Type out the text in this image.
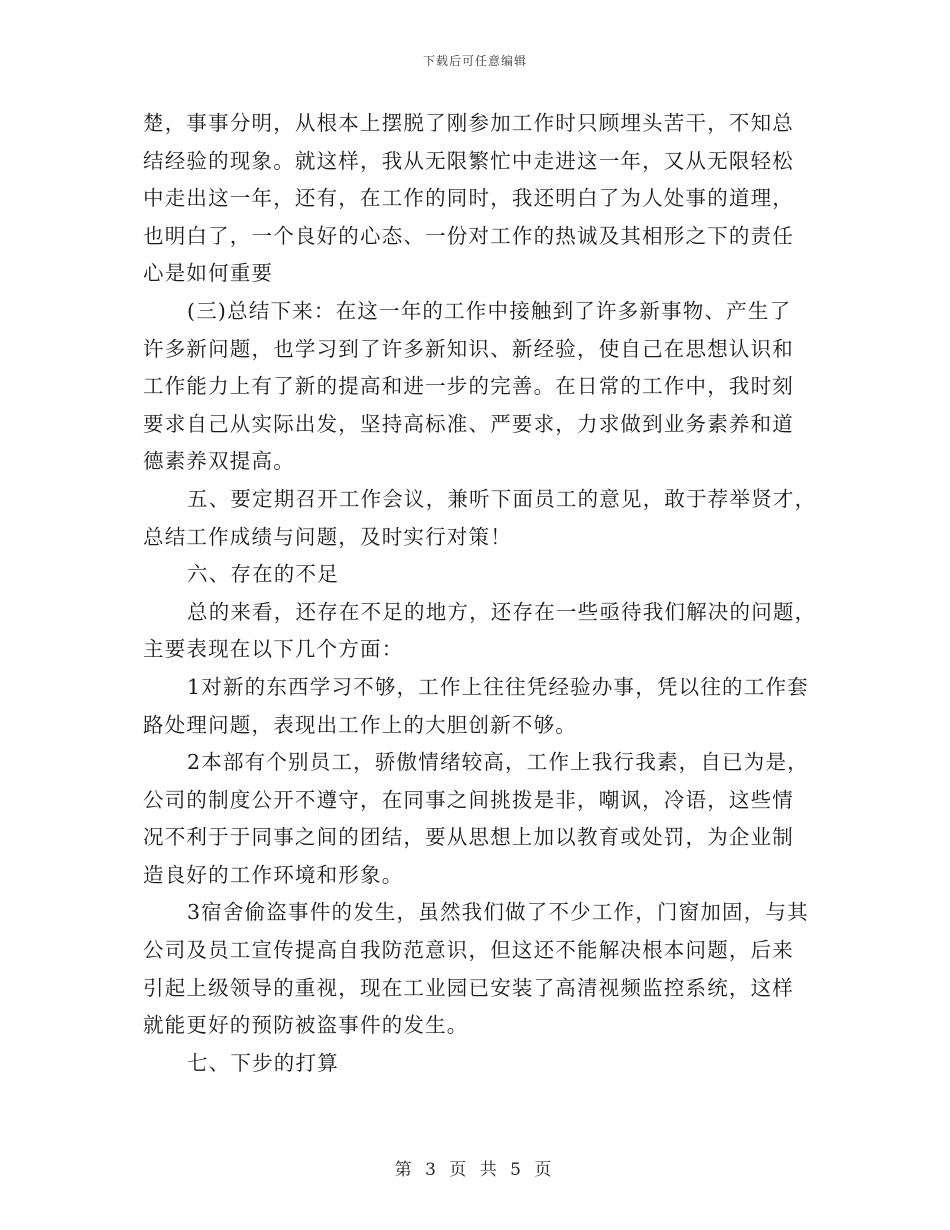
下载后可任意编辑
楚，事事分明，从根本上摆脱了刚参加工作时只顾埋头苦干，不知总
结经验的现象。就这样，我从无限繁忙中走进这一年，又从无限轻松
中走出这一年，还有，在工作的同时，我还明白了为人处事的道理，
也明白了，一个良好的心态、一份对工作的热诚及其相形之下的责任
心是如何重要
(三)总结下来：在这一年的工作中接触到了许多新事物、产生了
许多新问题，也学习到了许多新知识、新经验，使自己在思想认识和
工作能力上有了新的提高和进一步的完善。在日常的工作中，我时刻
要求自己从实际出发，坚持高标准、严要求，力求做到业务素养和道
德素养双提高。
五、要定期召开工作会议，兼听下面员工的意见，敢于荐举贤才，
总结工作成绩与问题，及时实行对策！
六、存在的不足
总的来看，还存在不足的地方，还存在一些亟待我们解决的问题，
主要表现在以下几个方面：
1对新的东西学习不够，工作上往往凭经验办事，凭以往的工作套
路处理问题，表现出工作上的大胆创新不够。
2本部有个别员工，骄傲情绪较高，工作上我行我素，自已为是，
公司的制度公开不遵守，在同事之间挑拨是非，嘲讽，冷语，这些情
况不利于于同事之间的团结，要从思想上加以教育或处罚，为企业制
造良好的工作环境和形象。
3宿舍偷盗事件的发生，虽然我们做了不少工作，门窗加固，与其
公司及员工宣传提高自我防范意识，但这还不能解决根本问题，后来
引起上级领导的重视，现在工业园已安装了高清视频监控系统，这样
就能更好的预防被盗事件的发生。
七、下步的打算
第 3 页 共 5 页
